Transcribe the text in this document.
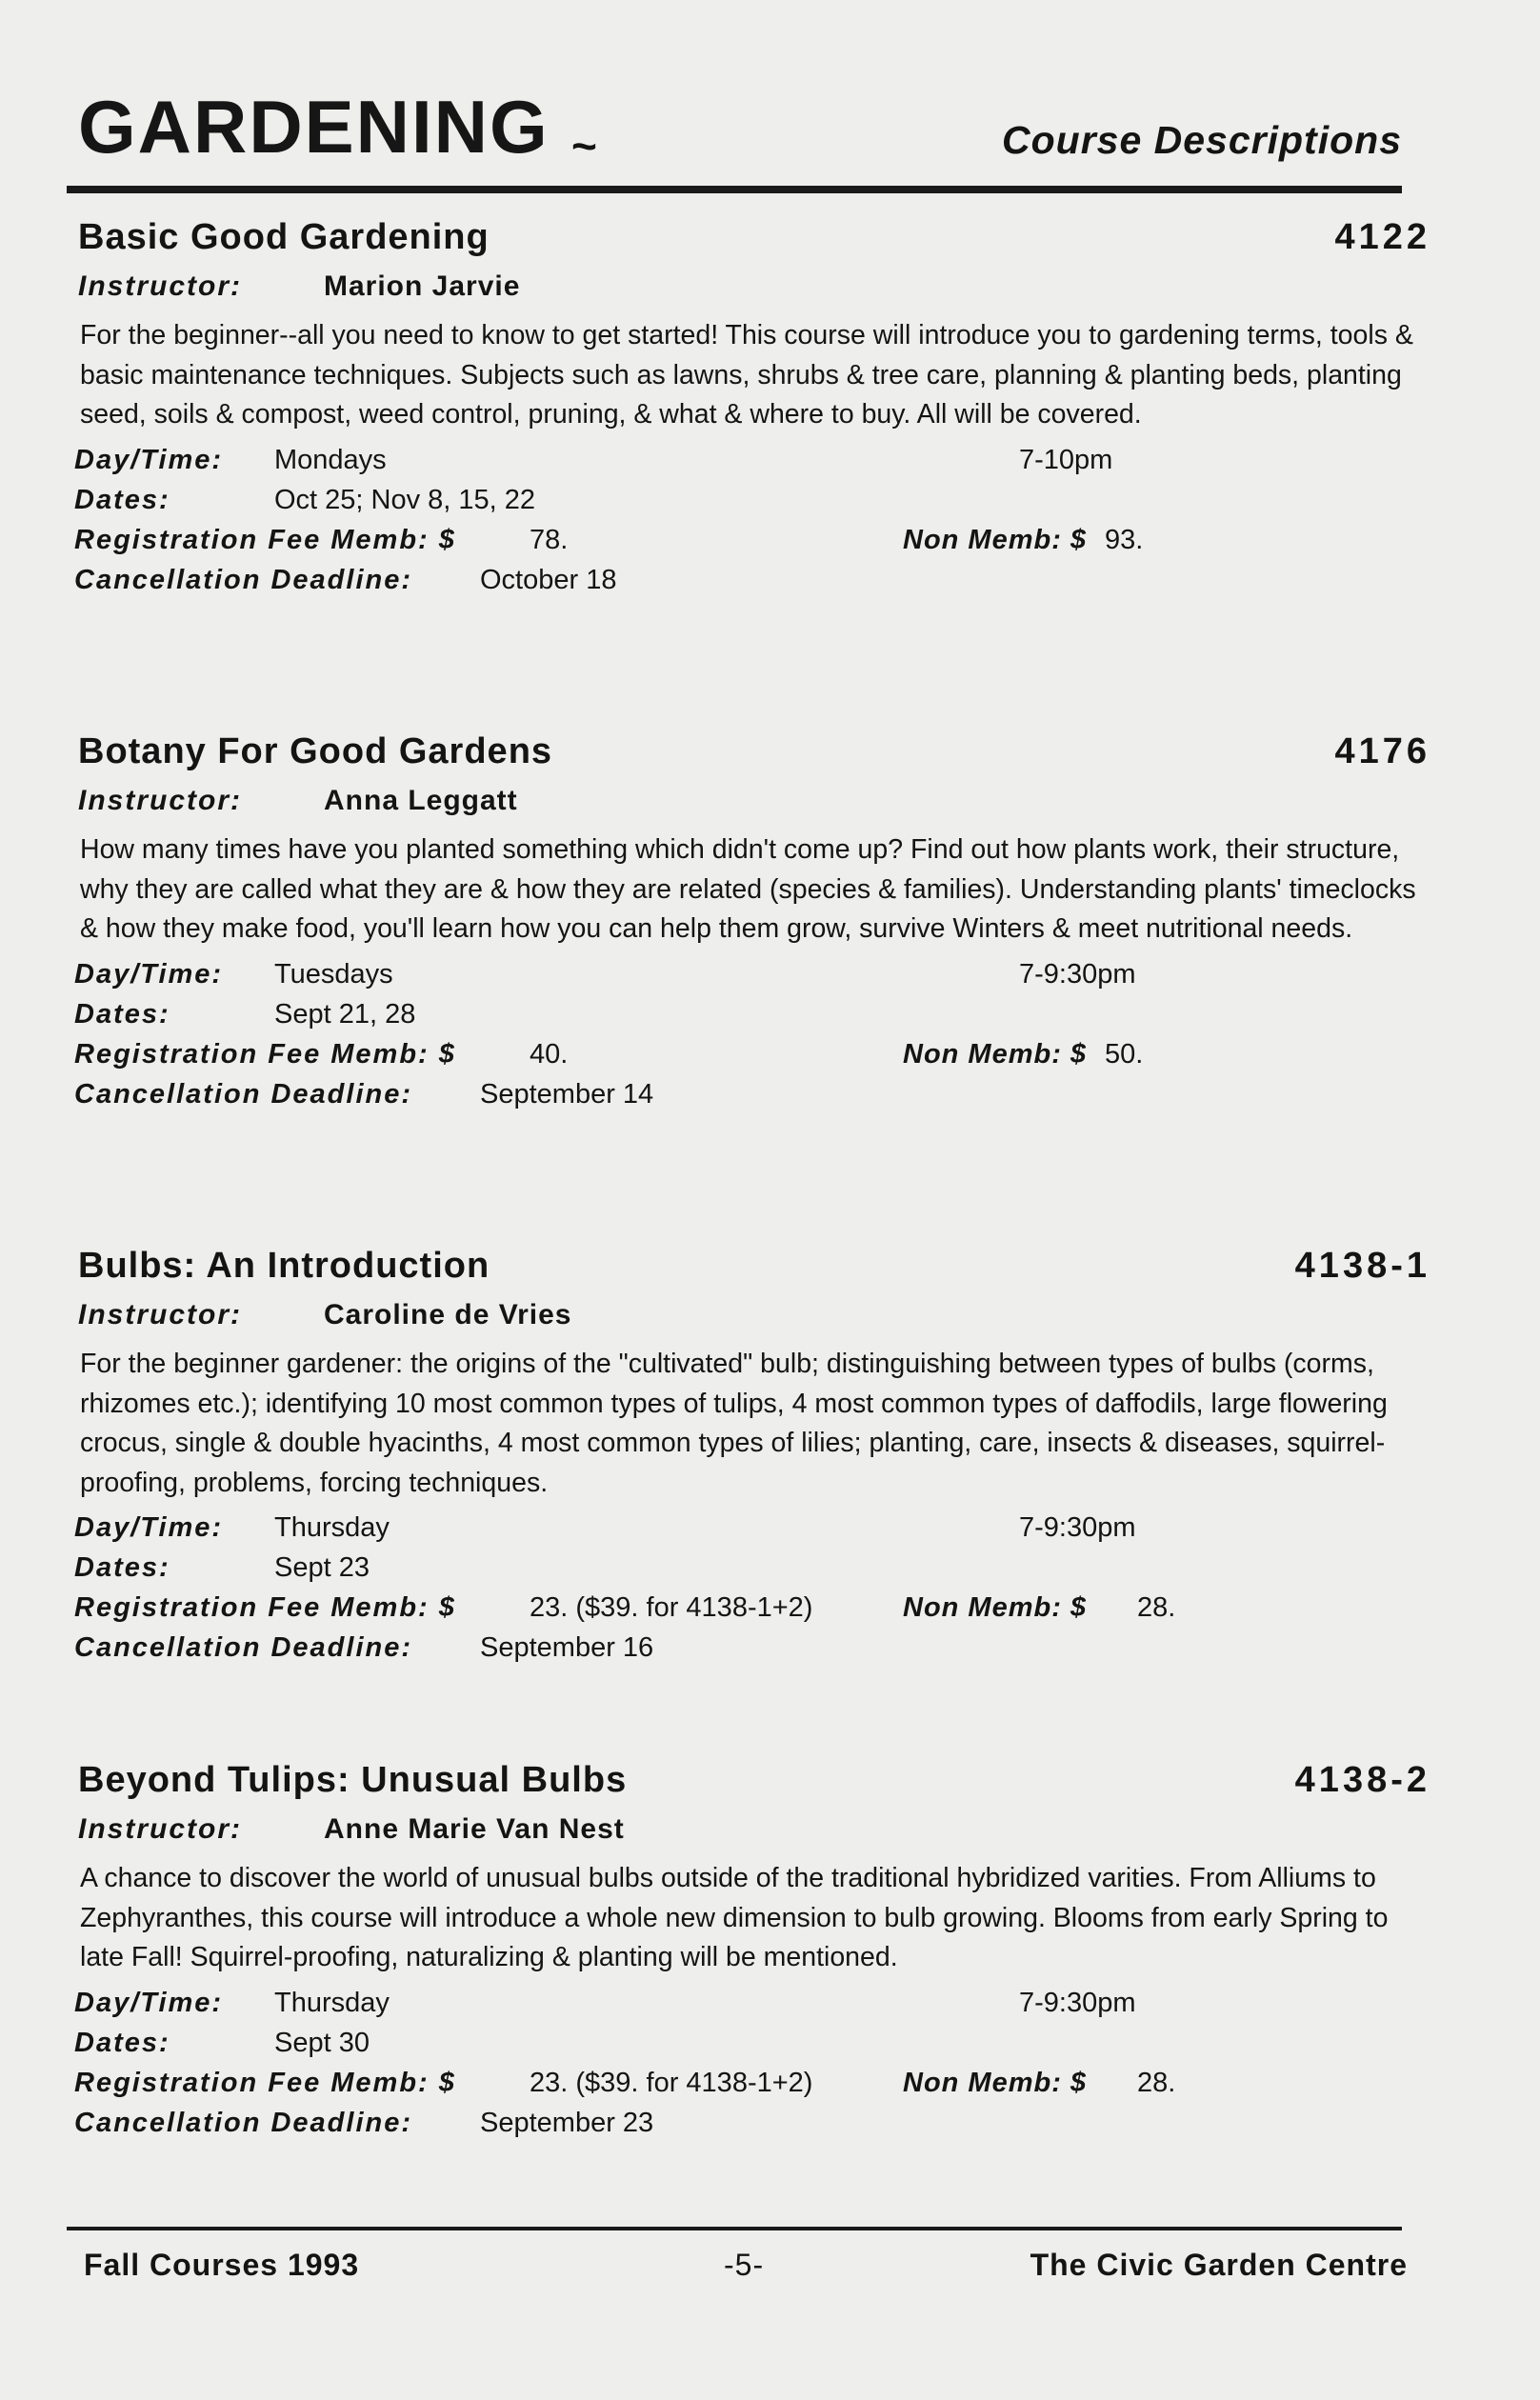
GARDENING ~	Course Descriptions
Basic Good Gardening	4122
Instructor:	Marion Jarvie
For the beginner--all you need to know to get started! This course will introduce you to gardening terms, tools & basic maintenance techniques. Subjects such as lawns, shrubs & tree care, planning & planting beds, planting seed, soils & compost, weed control, pruning, & what & where to buy. All will be covered.
Day/Time: Mondays	7-10pm
Dates:	Oct 25; Nov 8, 15, 22
Registration Fee Memb: $	78.	Non Memb: $ 93.
Cancellation Deadline: October 18
Botany For Good Gardens	4176
Instructor:	Anna Leggatt
How many times have you planted something which didn't come up? Find out how plants work, their structure, why they are called what they are & how they are related (species & families). Understanding plants' timeclocks & how they make food, you'll learn how you can help them grow, survive Winters & meet nutritional needs.
Day/Time: Tuesdays	7-9:30pm
Dates:	Sept 21, 28
Registration Fee Memb: $	40.	Non Memb: $ 50.
Cancellation Deadline: September 14
Bulbs: An Introduction	4138-1
Instructor:	Caroline de Vries
For the beginner gardener: the origins of the "cultivated" bulb; distinguishing between types of bulbs (corms, rhizomes etc.); identifying 10 most common types of tulips, 4 most common types of daffodils, large flowering crocus, single & double hyacinths, 4 most common types of lilies; planting, care, insects & diseases, squirrel-proofing, problems, forcing techniques.
Day/Time: Thursday	7-9:30pm
Dates:	Sept 23
Registration Fee Memb: $	23. ($39. for 4138-1+2)	Non Memb: $ 28.
Cancellation Deadline: September 16
Beyond Tulips: Unusual Bulbs	4138-2
Instructor:	Anne Marie Van Nest
A chance to discover the world of unusual bulbs outside of the traditional hybridized varities. From Alliums to Zephyranthes, this course will introduce a whole new dimension to bulb growing. Blooms from early Spring to late Fall! Squirrel-proofing, naturalizing & planting will be mentioned.
Day/Time: Thursday	7-9:30pm
Dates:	Sept 30
Registration Fee Memb: $	23. ($39. for 4138-1+2)	Non Memb: $ 28.
Cancellation Deadline: September 23
Fall Courses 1993	-5-	The Civic Garden Centre
